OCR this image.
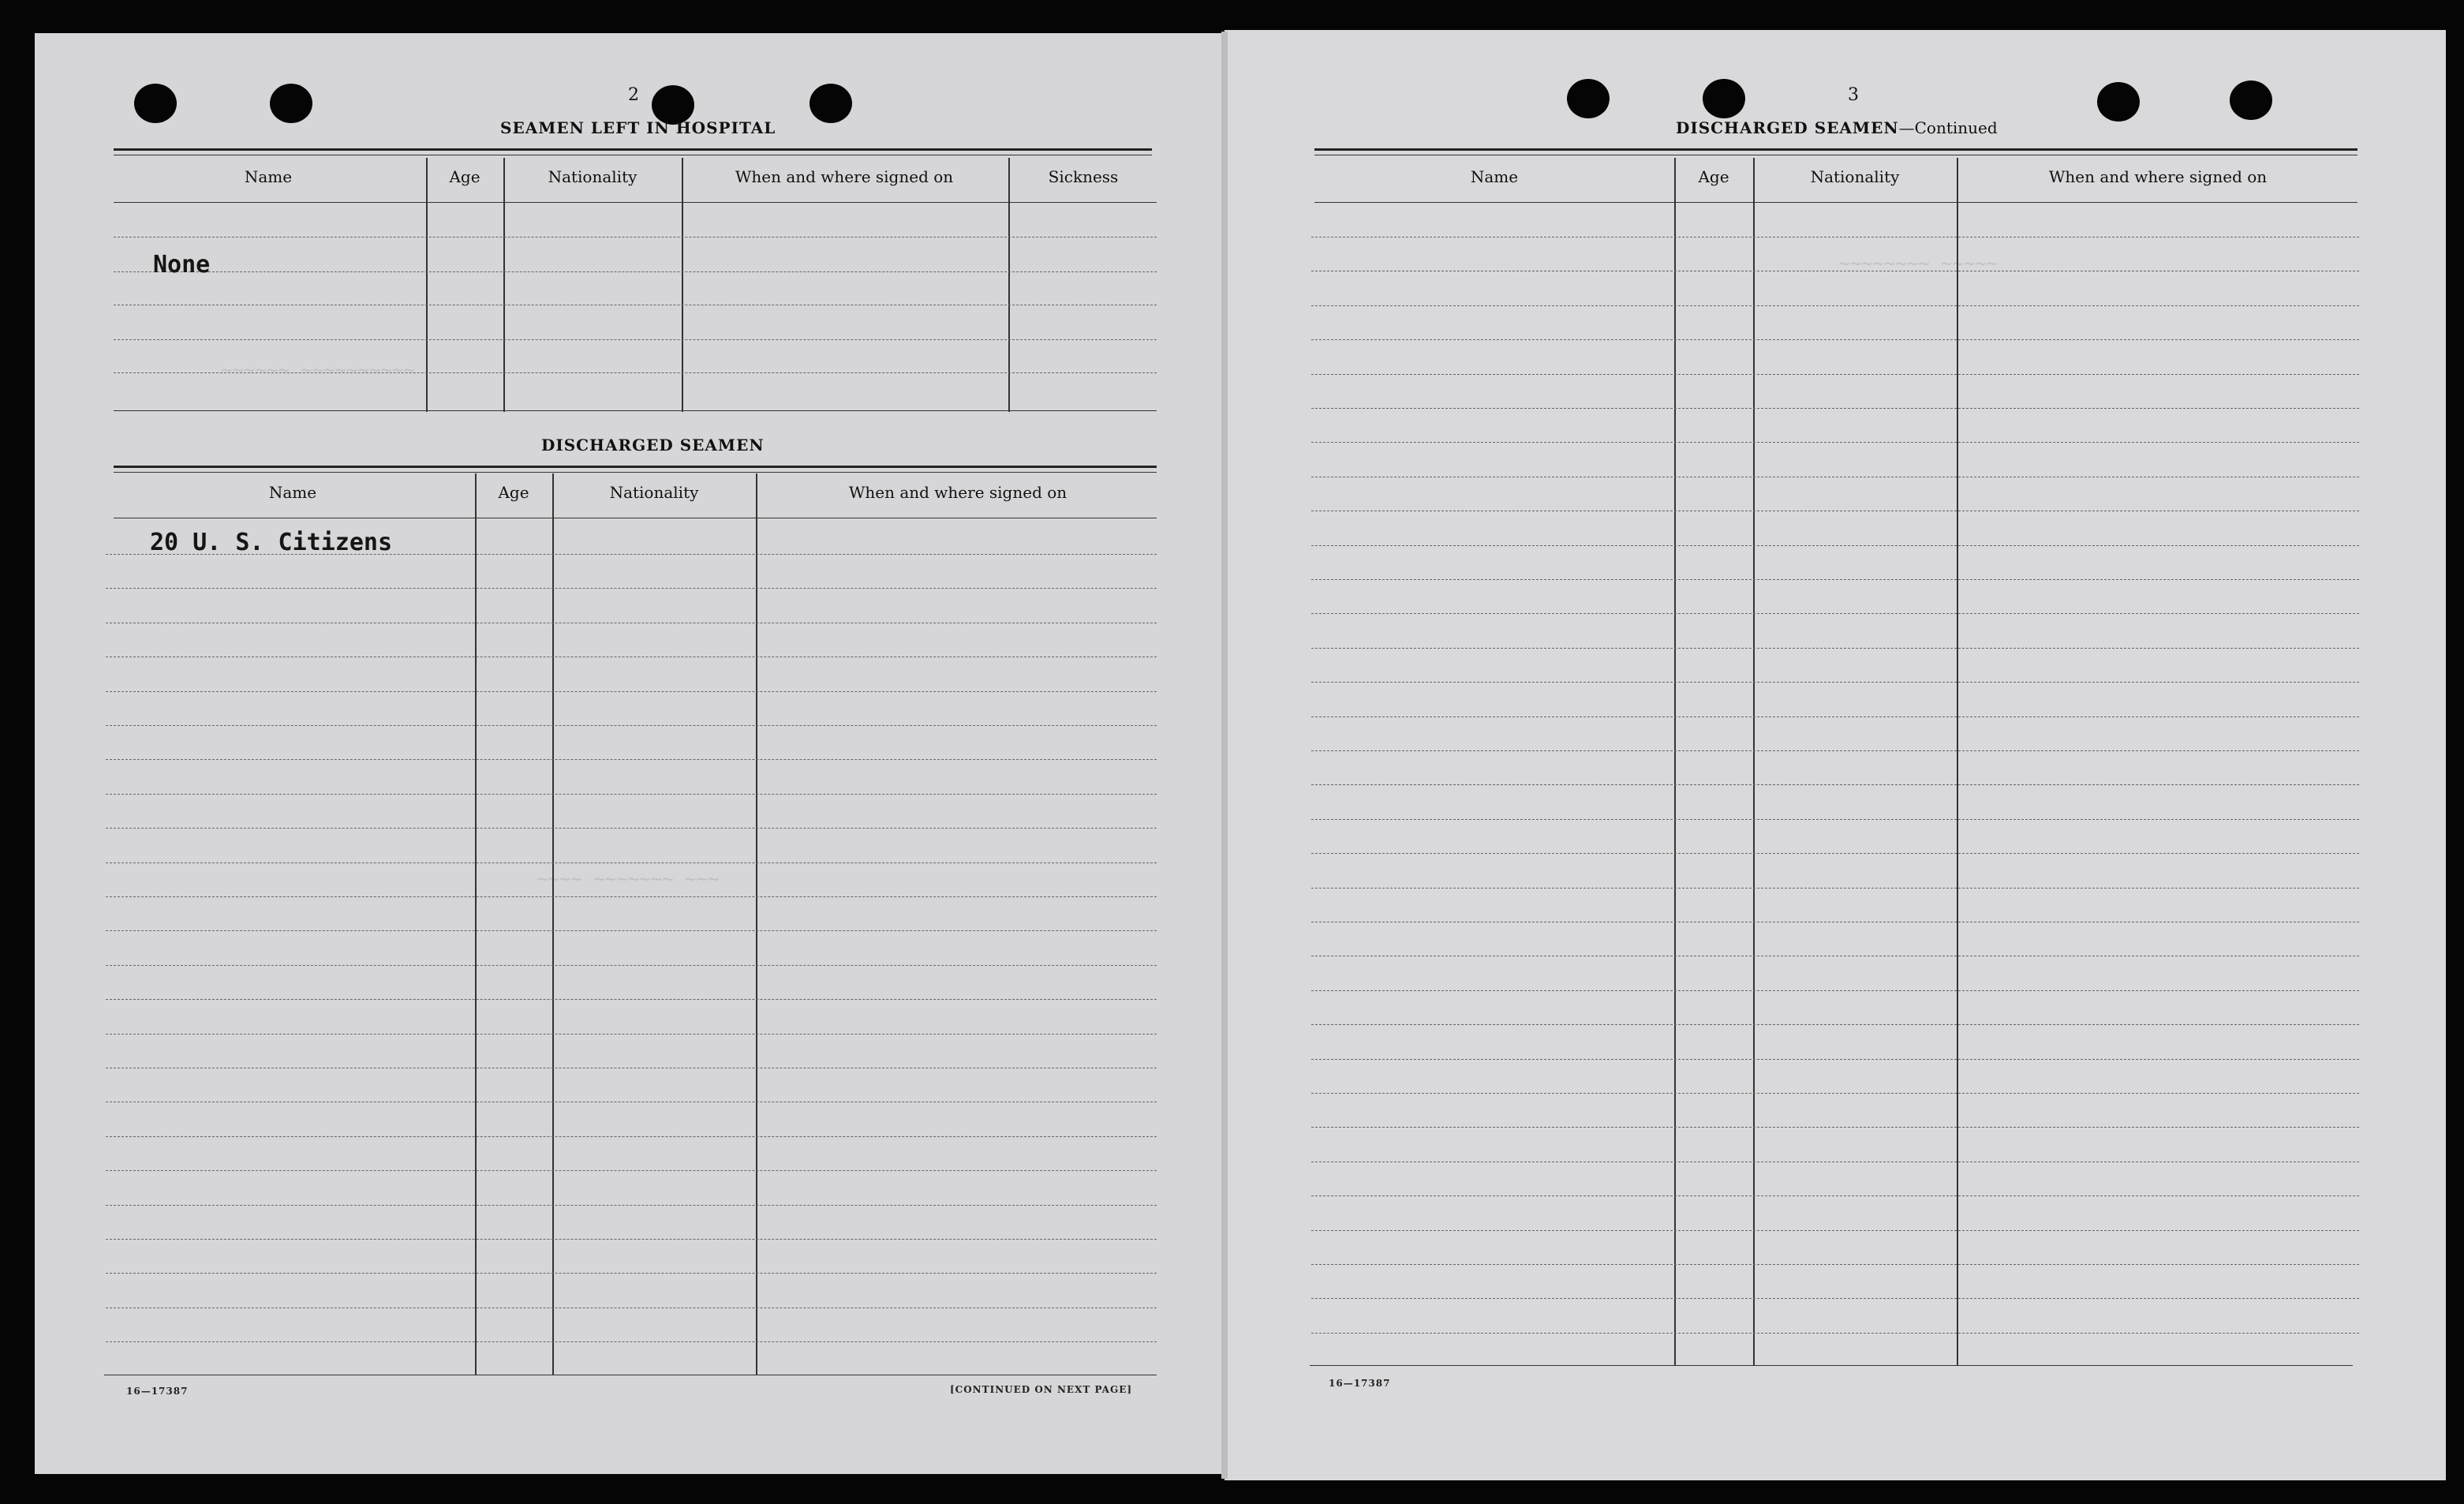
~~~~~~ ~~~~~~~~~~
~~~~ ~~~~~~~ ~~~
~~~~~~~~ ~~~~~
2
SEAMEN LEFT IN HOSPITAL
Name	Age	Nationality	When and where signed on	Sickness
None
DISCHARGED SEAMEN
Name	Age	Nationality	When and where signed on
20 U. S. Citizens
16—17387	[CONTINUED ON NEXT PAGE]
3
DISCHARGED SEAMEN—Continued
Name	Age	Nationality	When and where signed on
16—17387
